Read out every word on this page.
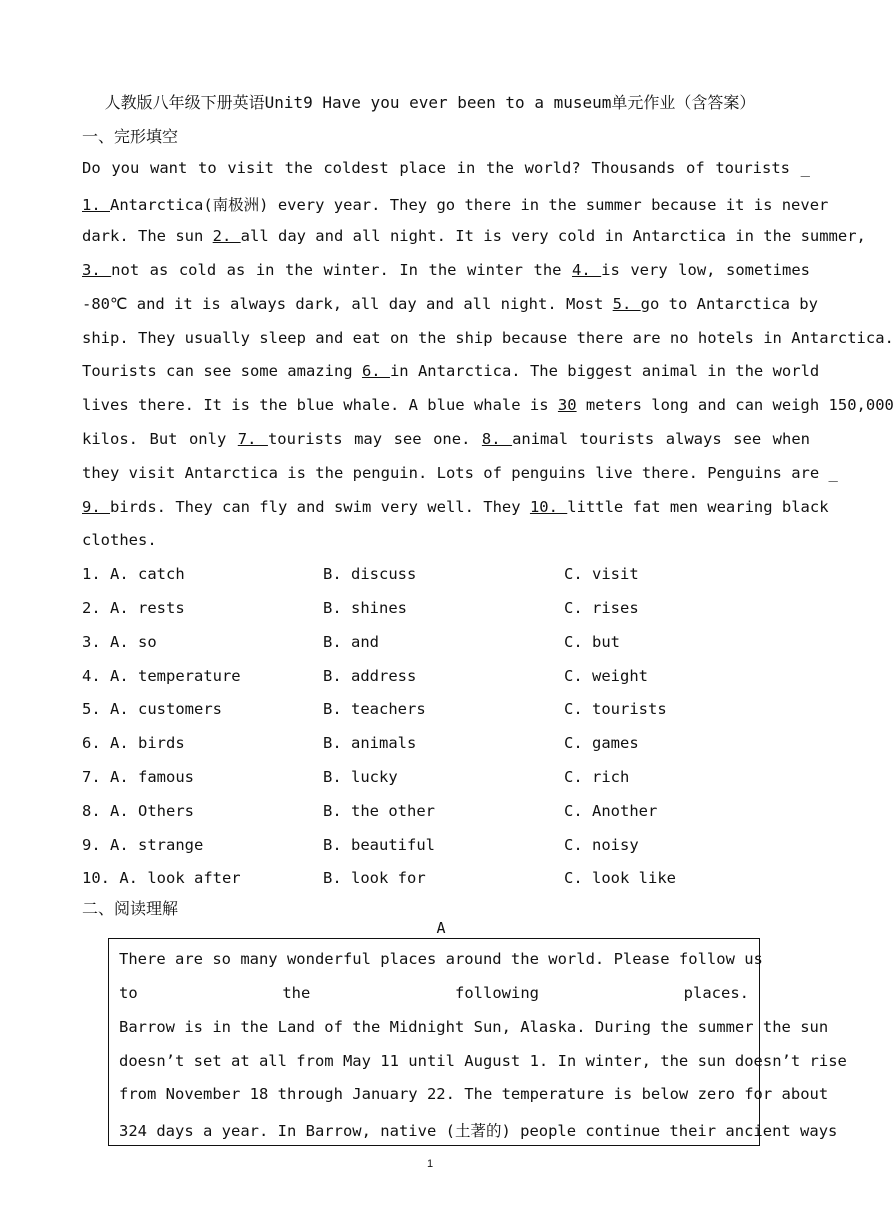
人教版八年级下册英语Unit9 Have you ever been to a museum单元作业（含答案）
一、完形填空
Do you want to visit the coldest place in the world? Thousands of tourists _
1. Antarctica(南极洲) every year. They go there in the summer because it is never
dark. The sun 2. all day and all night. It is very cold in Antarctica in the summer,
3. not as cold as in the winter. In the winter the 4. is very low, sometimes
-80℃ and it is always dark, all day and all night. Most 5. go to Antarctica by
ship. They usually sleep and eat on the ship because there are no hotels in Antarctica.
Tourists can see some amazing 6. in Antarctica. The biggest animal in the world
lives there. It is the blue whale. A blue whale is 30 meters long and can weigh 150,000
kilos. But only 7. tourists may see one. 8. animal tourists always see when
they visit Antarctica is the penguin. Lots of penguins live there. Penguins are _
9. birds. They can fly and swim very well. They 10. little fat men wearing black
clothes.
1. A. catch	B. discuss	C. visit
2. A. rests	B. shines	C. rises
3. A. so	B. and	C. but
4. A. temperature	B. address	C. weight
5. A. customers	B. teachers	C. tourists
6. A. birds	B. animals	C. games
7. A. famous	B. lucky	C. rich
8. A. Others	B. the other	C. Another
9. A. strange	B. beautiful	C. noisy
10. A. look after	B. look for	C. look like
二、阅读理解
A
There are so many wonderful places around the world. Please follow us
to the following places.
Barrow is in the Land of the Midnight Sun, Alaska. During the summer the sun
doesn’t set at all from May 11 until August 1. In winter, the sun doesn’t rise
from November 18 through January 22. The temperature is below zero for about
324 days a year. In Barrow, native (土著的) people continue their ancient ways
1
